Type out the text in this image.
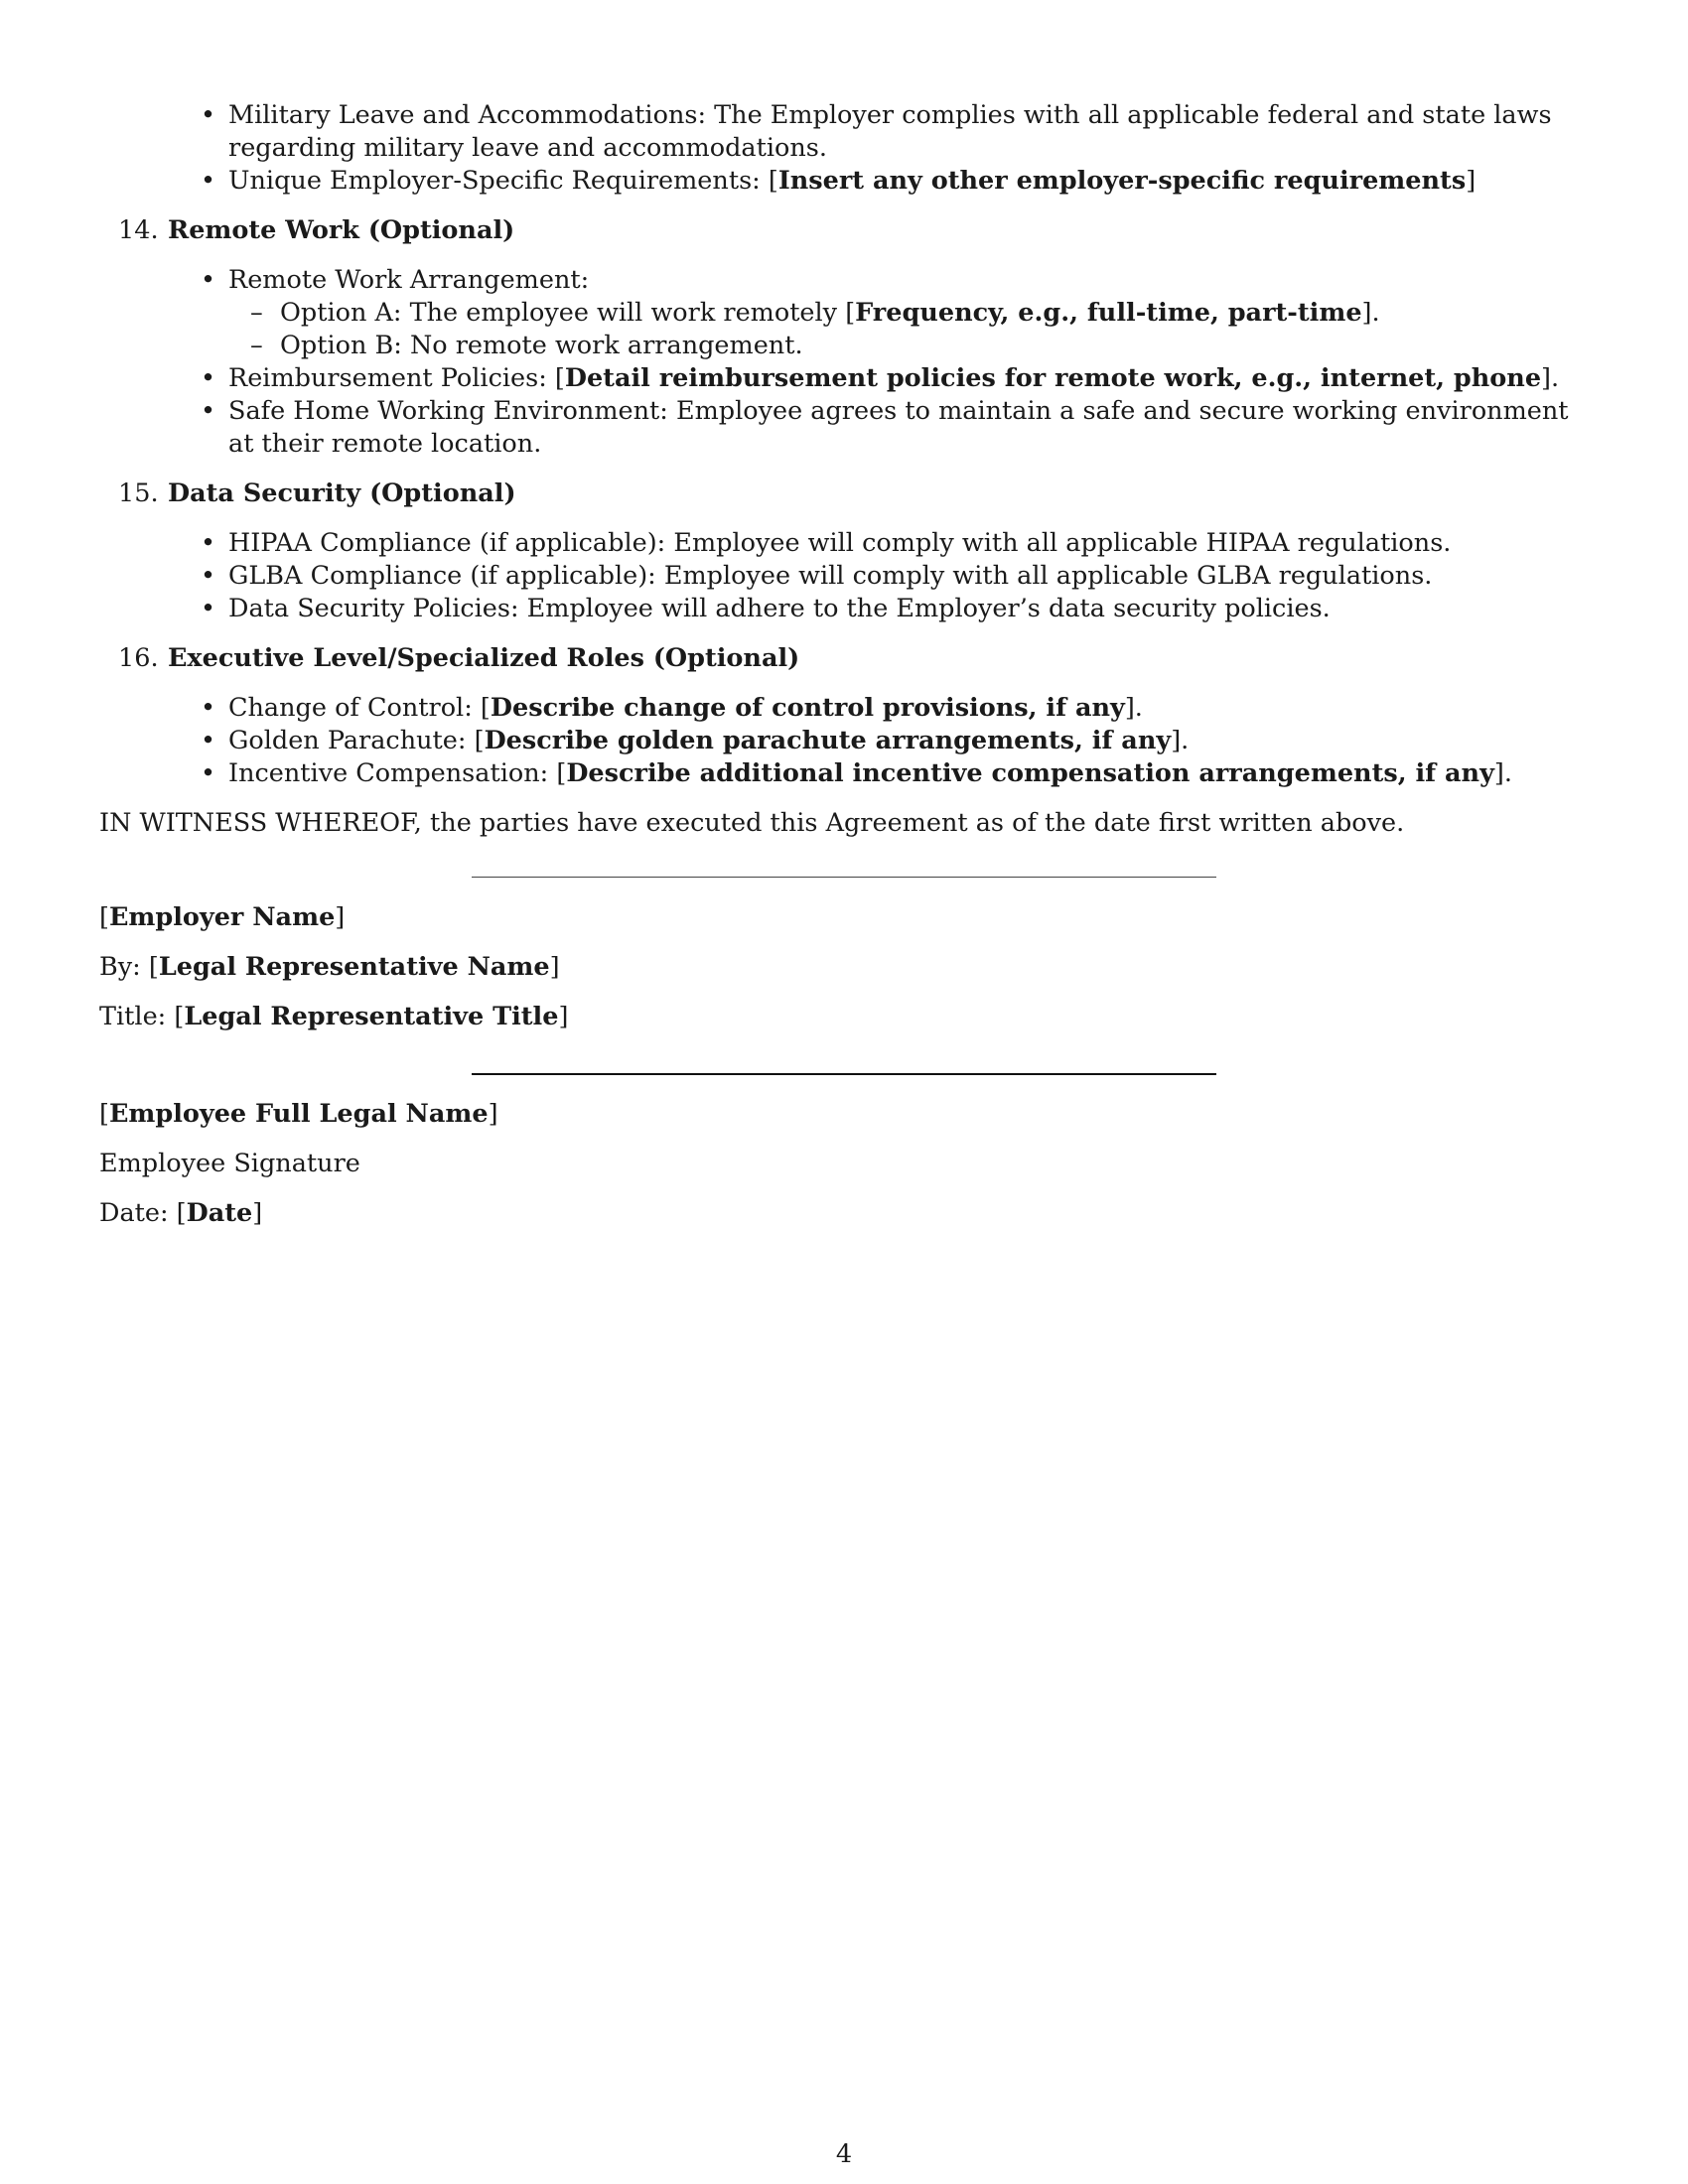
• Military Leave and Accommodations: The Employer complies with all applicable federal and state laws regarding military leave and accommodations.
• Unique Employer-Specific Requirements: [Insert any other employer-specific requirements]
14. Remote Work (Optional)
• Remote Work Arrangement:
– Option A: The employee will work remotely [Frequency, e.g., full-time, part-time].
– Option B: No remote work arrangement.
• Reimbursement Policies: [Detail reimbursement policies for remote work, e.g., internet, phone].
• Safe Home Working Environment: Employee agrees to maintain a safe and secure working environment at their remote location.
15. Data Security (Optional)
• HIPAA Compliance (if applicable): Employee will comply with all applicable HIPAA regulations.
• GLBA Compliance (if applicable): Employee will comply with all applicable GLBA regulations.
• Data Security Policies: Employee will adhere to the Employer’s data security policies.
16. Executive Level/Specialized Roles (Optional)
• Change of Control: [Describe change of control provisions, if any].
• Golden Parachute: [Describe golden parachute arrangements, if any].
• Incentive Compensation: [Describe additional incentive compensation arrangements, if any].
IN WITNESS WHEREOF, the parties have executed this Agreement as of the date first written above.

[Employer Name]

By: [Legal Representative Name]

Title: [Legal Representative Title]

[Employee Full Legal Name]

Employee Signature

Date: [Date]

4
